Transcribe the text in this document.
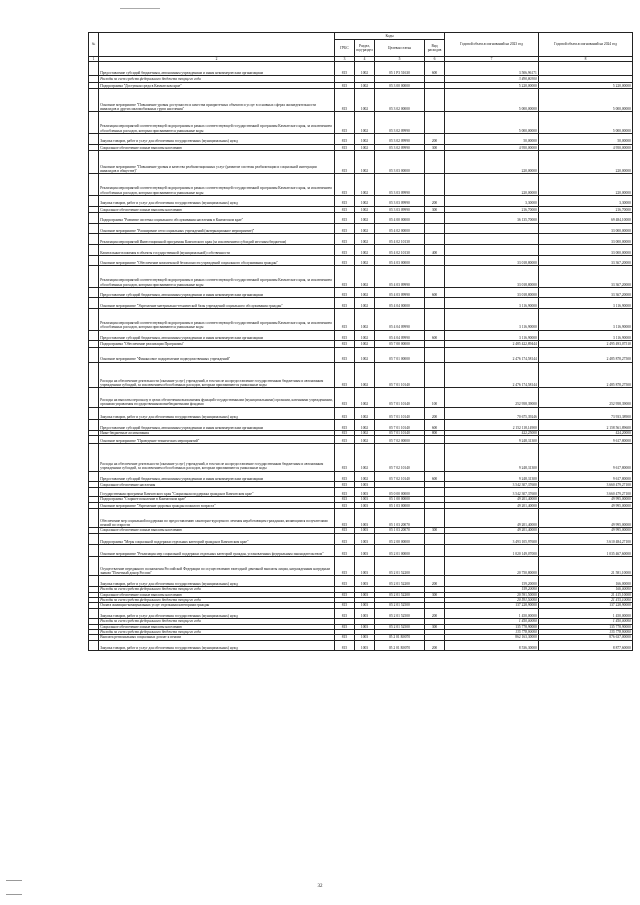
№		Коды				Годовой объем ассигнований на 2023 год	Годовой объем ассигнований на 2024 год
		ГРБС	Раздел, под-раздел	Целевая статья	Вид расходов		
1	2	3	4	5	6	7	8
	Предоставление субсидий бюджетным, автономным учреждениям и иным некоммерческим организациям	815	1002	05 1 Р3 51630	600	3 506,96171	
	Расходы за счет средств федерального бюджета текущего года					3 490,80300	
	Подпрограмма "Доступная среда в Камчатском крае"	815	1002	05 3 00 00000		5 220,00000	5 220,00000
	Основное мероприятие "Повышение уровня доступности и качества приоритетных объектов и услуг в основных сферах жизнедеятельности инвалидов и других маломобильных групп населения"	815	1002	05 3 02 00000		5 000,00000	5 000,00000
	Реализация мероприятий соответствующей подпрограммы в рамках соответствующей государственной программы Камчатского края, за исключением обособленных расходов, которым присваиваются уникальные коды	815	1002	05 3 02 09990		5 000,00000	5 000,00000
	Закупка товаров, работ и услуг для обеспечения государственных (муниципальных) нужд	815	1002	05 3 02 09990	200	50,00000	50,00000
	Социальное обеспечение и иные выплаты населению	815	1002	05 3 02 09990	300	4 950,00000	4 950,00000
	Основное мероприятие "Повышение уровня и качества реабилитационных услуг (развитие системы реабилитации и социальной интеграции инвалидов в обществе)"	815	1002	05 3 03 00000		220,00000	220,00000
	Реализация мероприятий соответствующей подпрограммы в рамках соответствующей государственной программы Камчатского края, за исключением обособленных расходов, которым присваиваются уникальные коды	815	1002	05 3 03 09990		220,00000	220,00000
	Закупка товаров, работ и услуг для обеспечения государственных (муниципальных) нужд	815	1002	05 3 03 09990	200	3,30000	3,30000
	Социальное обеспечение и иные выплаты населению	815	1002	05 3 03 09990	300	216,70000	216,70000
	Подпрограмма "Развитие системы социального обслуживания населения в Камчатском крае"	815	1002	05 4 00 00000		36 135,70000	69 484,10000
	Основное мероприятие "Расширение сети социальных учреждений (интернационное мероприятие)"	815	1002	05 4 02 00000			33 000,00000
	Реализация мероприятий Инвестиционной программы Камчатского края (за исключением субсидий местным бюджетам)	815	1002	05 4 02 10130			33 000,00000
	Капитальные вложения в объекты государственной (муниципальной) собственности	815	1002	05 4 02 10130	400		33 000,00000
	Основное мероприятие "Обеспечение комплексной безопасности учреждений социального обслуживания граждан"	815	1002	05 4 03 00000		33 018,80000	33 367,20000
	Реализация мероприятий соответствующей подпрограммы в рамках соответствующей государственной программы Камчатского края, за исключением обособленных расходов, которым присваиваются уникальные коды	815	1002	05 4 03 09990		33 018,80000	33 367,20000
	Предоставление субсидий бюджетным, автономным учреждениям и иным некоммерческим организациям	815	1002	05 4 03 09990	600	33 018,80000	33 367,20000
	Основное мероприятие "Укрепление материально-технической базы учреждений социального обслуживания граждан"	815	1002	05 4 04 00000		3 116,90000	3 116,90000
	Реализация мероприятий соответствующей подпрограммы в рамках соответствующей государственной программы Камчатского края, за исключением обособленных расходов, которым присваиваются уникальные коды	815	1002	05 4 04 09990		3 116,90000	3 116,90000
	Предоставление субсидий бюджетным, автономным учреждениям и иным некоммерческим организациям	815	1002	05 4 04 09990	600	3 116,90000	3 116,90000
	Подпрограмма "Обеспечение реализации Программы"	815	1002	05 7 00 00000		2 485 422,89444	2 495 493,07510
	Основное мероприятие "Финансовое подкрепление подведомственных учреждений"	815	1002	05 7 01 00000		2 476 174,58144	2 485 878,27500
	Расходы на обеспечение деятельности (оказание услуг) учреждений, в том числе на предоставление государственным бюджетным и автономным учреждениям субсидий, за исключением обособленных расходов, которым присваиваются уникальные коды	815	1002	05 7 01 10140		2 476 174,58144	2 485 878,27500
	Расходы на выплаты персоналу в целях обеспечения выполнения функций государственными (муниципальными) органами, казенными учреждениями, органами управления государственными внебюджетными фондами	815	1002	05 7 01 10140	100	252 958,39000	252 958,39000
	Закупка товаров, работ и услуг для обеспечения государственных (муниципальных) нужд	815	1002	05 7 01 10140	200	70 675,39246	73 933,38900
	Предоставление субсидий бюджетным, автономным учреждениям и иным некоммерческим организациям	815	1002	05 7 01 10140	600	2 152 118,14900	2 158 561,89600
	Иные бюджетные ассигнования	815	1002	05 7 01 10140	800	422,25000	424,20000
	Основное мероприятие "Проведение технических мероприятий"	815	1002	05 7 02 00000		9 248,31300	9 617,80000
	Расходы на обеспечение деятельности (оказание услуг) учреждений, в том числе на предоставление государственным бюджетным и автономным учреждениям субсидий, за исключением обособленных расходов, которым присваиваются уникальные коды	815	1002	05 7 02 10140		9 248,31300	9 617,80000
	Предоставление субсидий бюджетным, автономным учреждениям и иным некоммерческим организациям	815	1002	05 7 02 10140	600	9 248,31300	9 617,80000
	Социальное обеспечение населения	815	1003			3 542 307,37600	3 660 479,27100
	Государственная программа Камчатского края "Социальная поддержка граждан в Камчатском крае"	815	1003	05 0 00 00000		3 542 307,37600	3 660 479,27100
	Подпрограмма "Старшее поколение в Камчатском крае"	815	1003	05 1 00 00000		49 201,40000	49 995,00000
	Основное мероприятие "Укрепление здоровья граждан пожилого возраста"	815	1003	05 1 03 00000		49 201,40000	49 995,00000
	Обеспечение мер социальной поддержки по предоставлению санаторно-курортного лечения неработающим гражданам, являющимся получателями пенсий по старости	815	1003	05 1 03 20070		49 201,40000	49 995,00000
	Социальное обеспечение и иные выплаты населению	815	1003	05 1 03 20070	300	49 201,40000	49 995,00000
	Подпрограмма "Меры социальной поддержки отдельных категорий граждан в Камчатском крае"	815	1003	05 2 00 00000		3 493 105,97600	3 610 484,27100
	Основное мероприятие "Реализация мер социальной поддержки отдельных категорий граждан, установленных федеральным законодательством"	815	1003	05 2 01 00000		1 020 149,07000	1 035 467,60000
	Осуществление переданного полномочия Российской Федерации по осуществлению ежегодной денежной выплаты лицам, награжденным нагрудным знаком "Почетный донор России"	815	1003	05 2 01 52200		20 750,80000	21 581,10000
	Закупка товаров, работ и услуг для обеспечения государственных (муниципальных) нужд	815	1003	05 2 01 52200	200	159,20000	166,00000
	Расходы за счет средств федерального бюджета текущего года					159,20000	166,00000
	Социальное обеспечение и иные выплаты населению	815	1003	05 2 01 52200	300	20 591,50000	21 415,10000
	Расходы за счет средств федерального бюджета текущего года					20 591,50000	21 415,10000
	Оплата жилищно-коммунальных услуг отдельным категориям граждан	815	1003	05 2 01 52500		137 228,90000	137 228,90000
	Закупка товаров, работ и услуг для обеспечения государственных (муниципальных) нужд	815	1003	05 2 01 52500	200	1 450,00000	1 450,00000
	Расходы за счет средств федерального бюджета текущего года					1 450,00000	1 450,00000
	Социальное обеспечение и иные выплаты населению	815	1003	05 2 01 52500	300	135 778,90000	135 778,90000
	Расходы за счет средств федерального бюджета текущего года					135 778,90000	135 778,90000
	Выплата региональных социальных доплат к пенсии	815	1003	05 2 01 R0070		862 163,30000	876 637,00000
	Закупка товаров, работ и услуг для обеспечения государственных (муниципальных) нужд	815	1003	05 2 01 R0070	200	8 536,30000	8 877,60000
32
